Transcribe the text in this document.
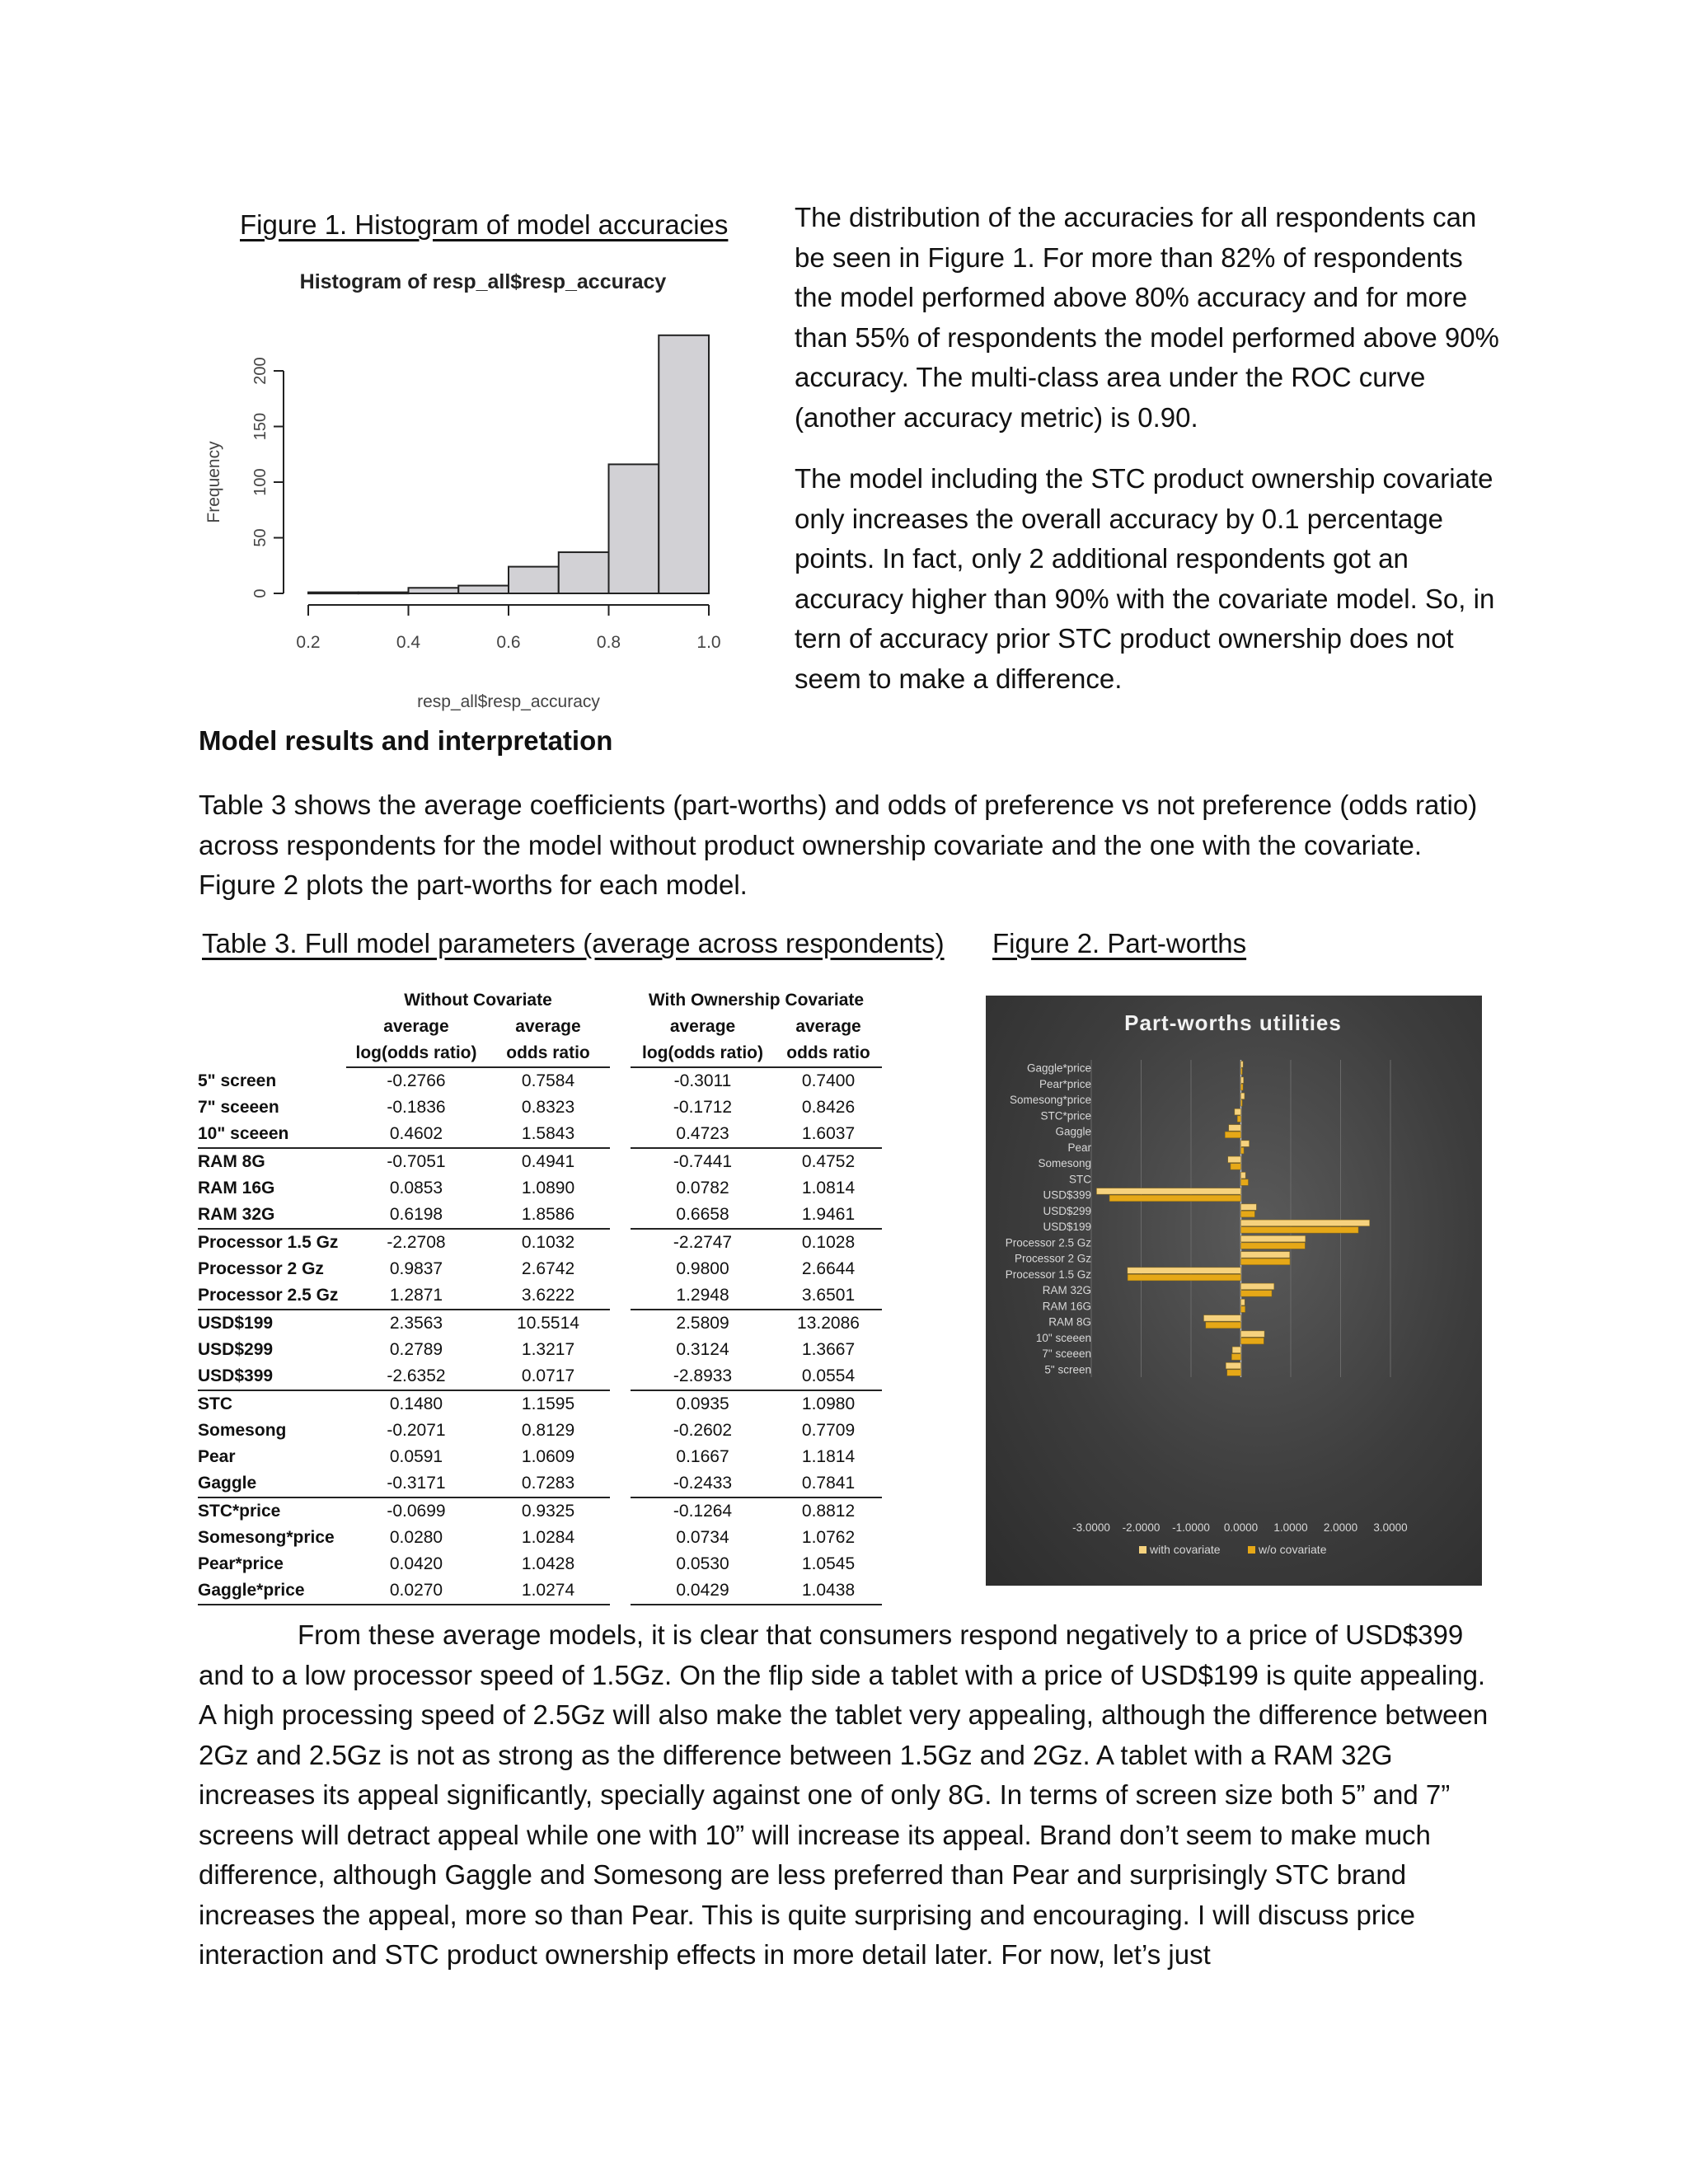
Figure 1. Histogram of model accuracies
Histogram of resp_all$resp_accuracy
0
50
100
150
200
Frequency
0.2	0.4	0.6	0.8	1.0
resp_all$resp_accuracy

The distribution of the accuracies for all respondents can be seen in Figure 1. For more than 82% of respondents the model performed above 80% accuracy and for more than 55% of respondents the model performed above 90% accuracy. The multi-class area under the ROC curve (another accuracy metric) is 0.90.

The model including the STC product ownership covariate only increases the overall accuracy by 0.1 percentage points. In fact, only 2 additional respondents got an accuracy higher than 90% with the covariate model. So, in tern of accuracy prior STC product ownership does not seem to make a difference.

Model results and interpretation

Table 3 shows the average coefficients (part-worths) and odds of preference vs not preference (odds ratio) across respondents for the model without product ownership covariate and the one with the covariate. Figure 2 plots the part-worths for each model.

Table 3. Full model parameters (average across respondents) Figure 2. Part-worths
	Without Covariate			With Ownership Covariate	
	average	average		average	average
	log(odds ratio)	odds ratio		log(odds ratio)	odds ratio
5" screen	-0.2766	0.7584		-0.3011	0.7400
7" sceeen	-0.1836	0.8323		-0.1712	0.8426
10" sceeen	0.4602	1.5843		0.4723	1.6037
RAM 8G	-0.7051	0.4941		-0.7441	0.4752
RAM 16G	0.0853	1.0890		0.0782	1.0814
RAM 32G	0.6198	1.8586		0.6658	1.9461
Processor 1.5 Gz	-2.2708	0.1032		-2.2747	0.1028
Processor 2 Gz	0.9837	2.6742		0.9800	2.6644
Processor 2.5 Gz	1.2871	3.6222		1.2948	3.6501
USD$199	2.3563	10.5514		2.5809	13.2086
USD$299	0.2789	1.3217		0.3124	1.3667
USD$399	-2.6352	0.0717		-2.8933	0.0554
STC	0.1480	1.1595		0.0935	1.0980
Somesong	-0.2071	0.8129		-0.2602	0.7709
Pear	0.0591	1.0609		0.1667	1.1814
Gaggle	-0.3171	0.7283		-0.2433	0.7841
STC*price	-0.0699	0.9325		-0.1264	0.8812
Somesong*price	0.0280	1.0284		0.0734	1.0762
Pear*price	0.0420	1.0428		0.0530	1.0545
Gaggle*price	0.0270	1.0274		0.0429	1.0438
Part-worths utilities
-3.0000 -2.0000 -1.0000 0.0000 1.0000 2.0000 3.0000
Gaggle*price
Pear*price
Somesong*price
STC*price
Gaggle
Pear
Somesong
STC
USD$399
USD$299
USD$199
Processor 2.5 Gz
Processor 2 Gz
Processor 1.5 Gz
RAM 32G
RAM 16G
RAM 8G
10" sceeen
7" sceeen
5" screen
with covariate	w/o covariate

From these average models, it is clear that consumers respond negatively to a price of USD$399 and to a low processor speed of 1.5Gz. On the flip side a tablet with a price of USD$199 is quite appealing. A high processing speed of 2.5Gz will also make the tablet very appealing, although the difference between 2Gz and 2.5Gz is not as strong as the difference between 1.5Gz and 2Gz. A tablet with a RAM 32G increases its appeal significantly, specially against one of only 8G. In terms of screen size both 5” and 7” screens will detract appeal while one with 10” will increase its appeal. Brand don’t seem to make much difference, although Gaggle and Somesong are less preferred than Pear and surprisingly STC brand increases the appeal, more so than Pear. This is quite surprising and encouraging. I will discuss price interaction and STC product ownership effects in more detail later. For now, let’s just
